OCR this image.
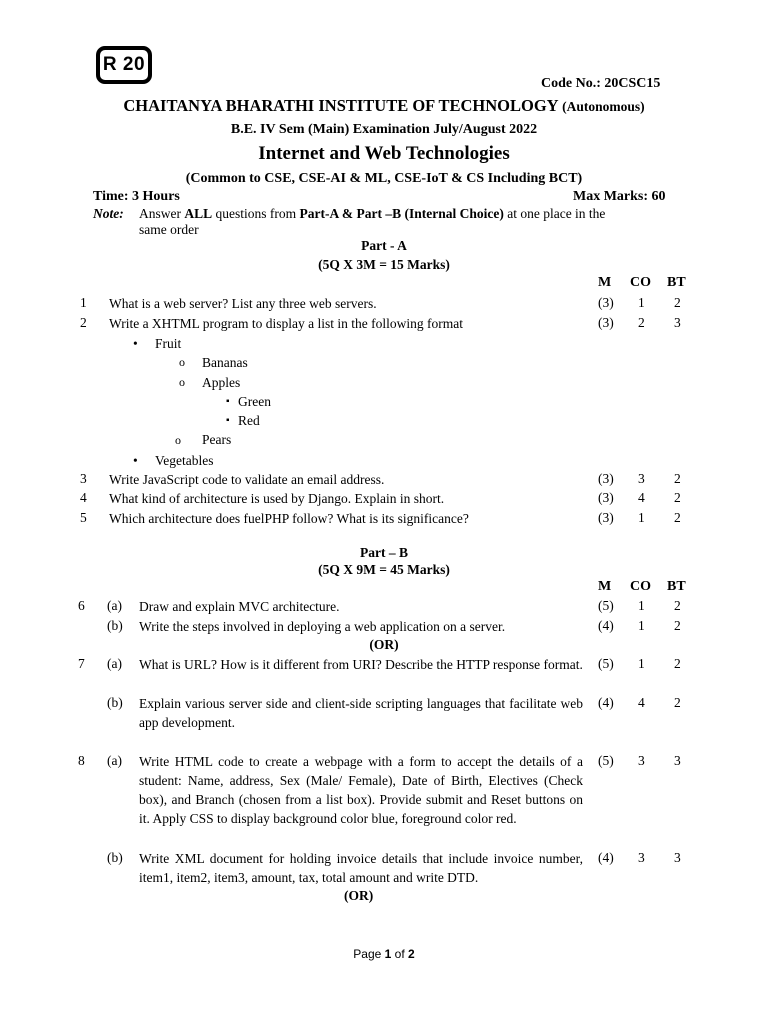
R 20
Code No.: 20CSC15
CHAITANYA BHARATHI INSTITUTE OF TECHNOLOGY (Autonomous)
B.E. IV Sem (Main) Examination July/August 2022
Internet and Web Technologies
(Common to CSE, CSE-AI & ML, CSE-IoT & CS Including BCT)
Time: 3 Hours	Max Marks: 60
Note: Answer ALL questions from Part-A & Part –B (Internal Choice) at one place in the
same order
Part - A
(5Q X 3M = 15 Marks)
M CO BT
1 What is a web server? List any three web servers.	(3) 1 2
2 Write a XHTML program to display a list in the following format	(3) 2 3
• Fruit
o Bananas
o Apples
▪ Green
▪ Red
o Pears
• Vegetables
3 Write JavaScript code to validate an email address.	(3) 3 2
4 What kind of architecture is used by Django. Explain in short.	(3) 4 2
5 Which architecture does fuelPHP follow? What is its significance?	(3) 1 2
Part – B
(5Q X 9M = 45 Marks)
M CO BT
6 (a) Draw and explain MVC architecture.	(5) 1 2
(b) Write the steps involved in deploying a web application on a server.	(4) 1 2
(OR)
7 (a) What is URL? How is it different from URI? Describe the HTTP response format. (5) 1 2
(b) Explain various server side and client-side scripting languages that facilitate web app development.
(4) 4 2
8 (a) Write HTML code to create a webpage with a form to accept the details of a student: Name, address, Sex (Male/ Female), Date of Birth, Electives (Check box), and Branch (chosen from a list box). Provide submit and Reset buttons on it. Apply CSS to display background color blue, foreground color red.
(5) 3 3
(b) Write XML document for holding invoice details that include invoice number, item1, item2, item3, amount, tax, total amount and write DTD.
(4) 3 3
(OR)
Page 1 of 2
